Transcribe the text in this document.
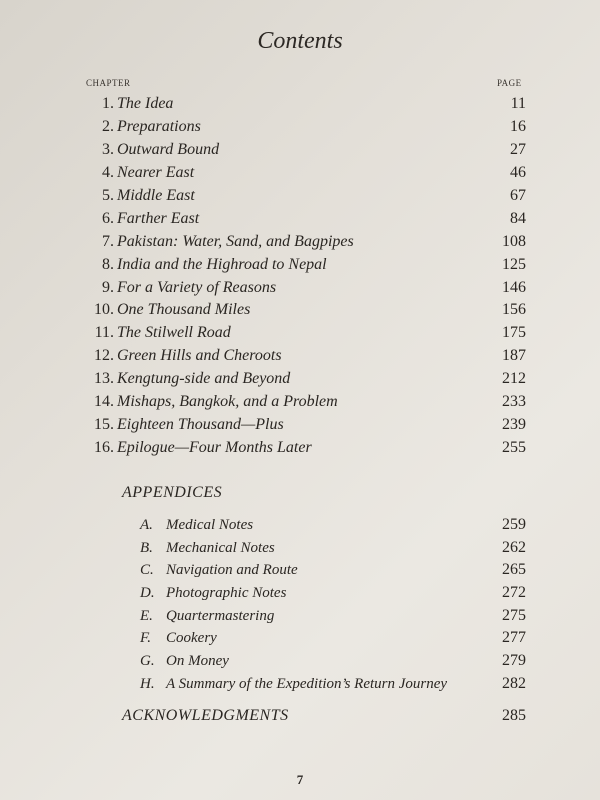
Contents
CHAPTER	PAGE
1. The Idea	11
2. Preparations	16
3. Outward Bound	27
4. Nearer East	46
5. Middle East	67
6. Farther East	84
7. Pakistan: Water, Sand, and Bagpipes	108
8. India and the Highroad to Nepal	125
9. For a Variety of Reasons	146
10. One Thousand Miles	156
11. The Stilwell Road	175
12. Green Hills and Cheroots	187
13. Kengtung-side and Beyond	212
14. Mishaps, Bangkok, and a Problem	233
15. Eighteen Thousand—Plus	239
16. Epilogue—Four Months Later	255
APPENDICES
A. Medical Notes	259
B. Mechanical Notes	262
C. Navigation and Route	265
D. Photographic Notes	272
E. Quartermastering	275
F. Cookery	277
G. On Money	279
H. A Summary of the Expedition’s Return Journey	282
ACKNOWLEDGMENTS	285
7
